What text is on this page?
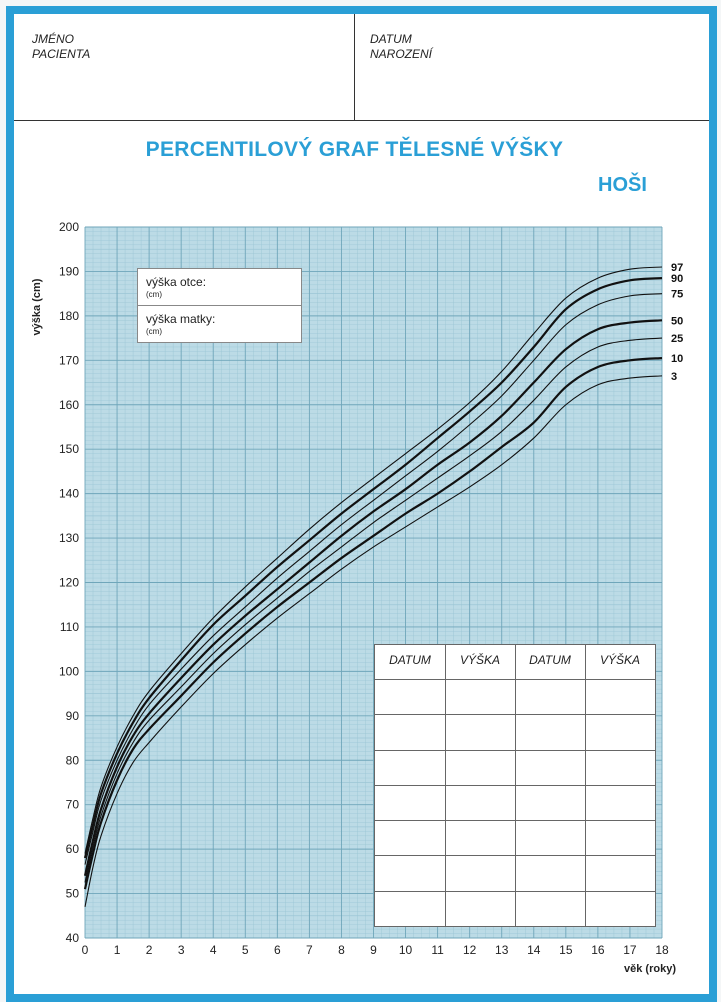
JMÉNO
PACIENTA
DATUM
NAROZENÍ
PERCENTILOVÝ GRAF TĚLESNÉ VÝŠKY
HOŠI
97
90
75
50
25
10
3
40
50
60
70
80
90
100
110
120
130
140
150
160
170
180
190
200
0 1 2 3 4 5 6 7 8 9 10 11 12 13 14 15 16 17 18
výška (cm)
věk (roky)
výška otce:
(cm)
výška matky:
(cm)
DATUM	VÝŠKA	DATUM	VÝŠKA
